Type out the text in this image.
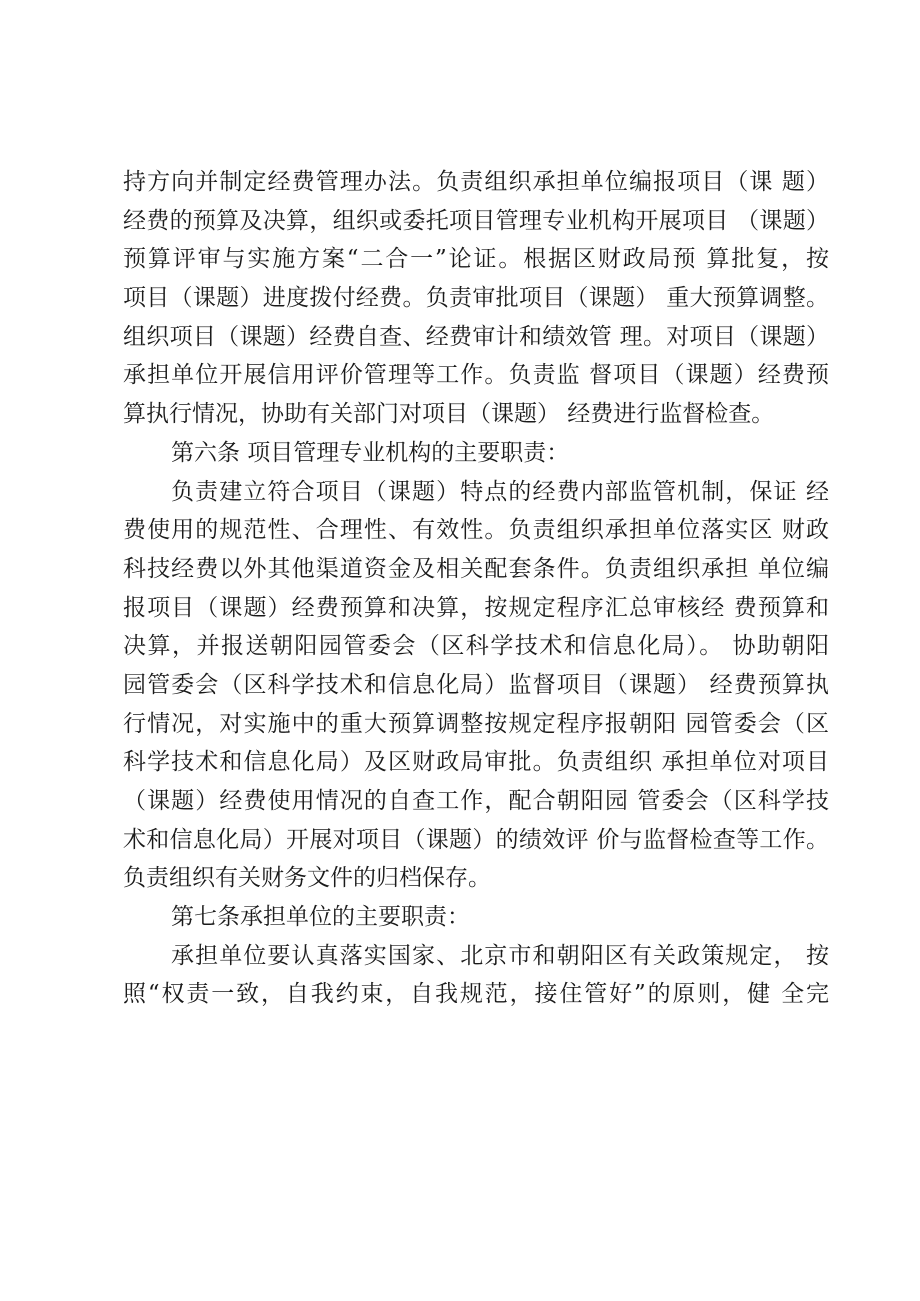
持方向并制定经费管理办法。负责组织承担单位编报项目（课 题）
经费的预算及决算，组织或委托项目管理专业机构开展项目 （课题）
预算评审与实施方案“二合一”论证。根据区财政局预 算批复，按
项目（课题）进度拨付经费。负责审批项目（课题） 重大预算调整。
组织项目（课题）经费自查、经费审计和绩效管 理。对项目（课题）
承担单位开展信用评价管理等工作。负责监 督项目（课题）经费预
算执行情况，协助有关部门对项目（课题） 经费进行监督检查。
第六条 项目管理专业机构的主要职责：
负责建立符合项目（课题）特点的经费内部监管机制，保证 经
费使用的规范性、合理性、有效性。负责组织承担单位落实区 财政
科技经费以外其他渠道资金及相关配套条件。负责组织承担 单位编
报项目（课题）经费预算和决算，按规定程序汇总审核经 费预算和
决算，并报送朝阳园管委会（区科学技术和信息化局）。 协助朝阳
园管委会（区科学技术和信息化局）监督项目（课题） 经费预算执
行情况，对实施中的重大预算调整按规定程序报朝阳 园管委会（区
科学技术和信息化局）及区财政局审批。负责组织 承担单位对项目
（课题）经费使用情况的自查工作，配合朝阳园 管委会（区科学技
术和信息化局）开展对项目（课题）的绩效评 价与监督检查等工作。
负责组织有关财务文件的归档保存。
第七条承担单位的主要职责：
承担单位要认真落实国家、北京市和朝阳区有关政策规定， 按
照“权责一致，自我约束，自我规范，接住管好”的原则，健 全完
